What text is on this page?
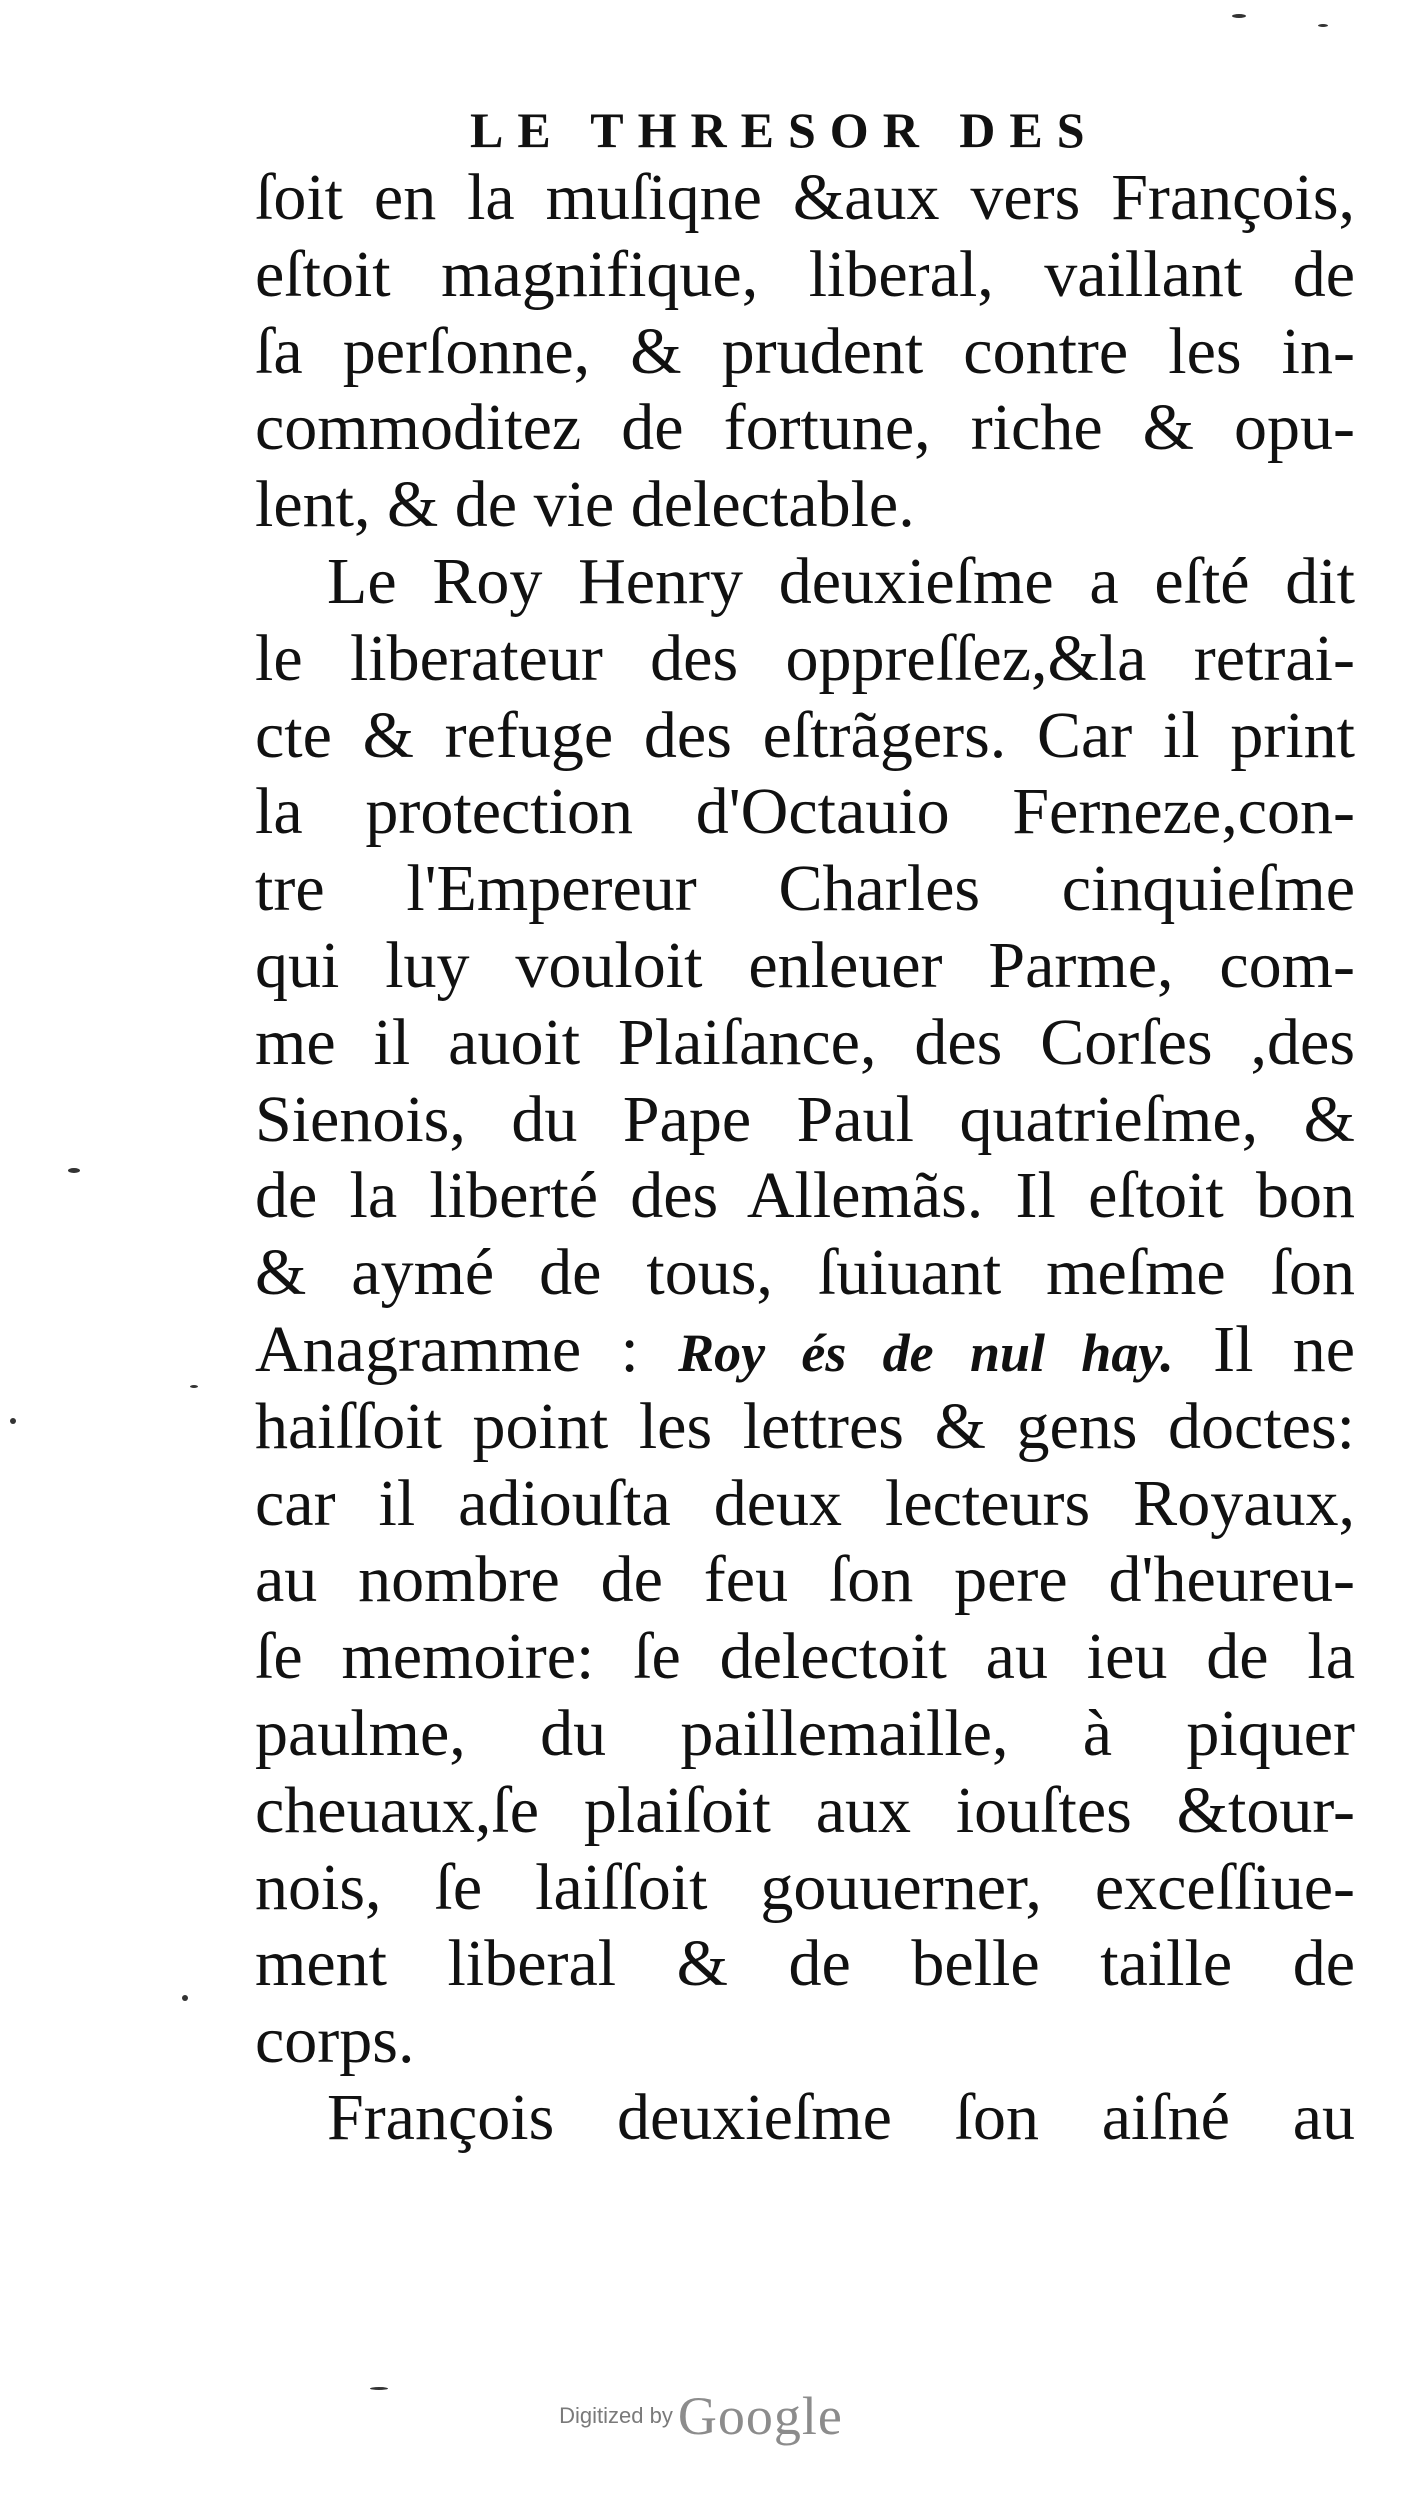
LE THRESOR DES
ſoit en la muſiqne &aux vers François,
eſtoit magnifique, liberal, vaillant de
ſa perſonne, & prudent contre les in-
commoditez de fortune, riche & opu-
lent, & de vie delectable.
Le Roy Henry deuxieſme a eſté dit
le liberateur des oppreſſez,&la retrai-
cte & refuge des eſtrãgers. Car il print
la protection d'Octauio Ferneze,con-
tre l'Empereur Charles cinquieſme
qui luy vouloit enleuer Parme, com-
me il auoit Plaiſance, des Corſes ,des
Sienois, du Pape Paul quatrieſme, &
de la liberté des Allemãs. Il eſtoit bon
& aymé de tous, ſuiuant meſme ſon
Anagramme : Roy és de nul hay. Il ne
haiſſoit point les lettres & gens doctes:
car il adiouſta deux lecteurs Royaux,
au nombre de feu ſon pere d'heureu-
ſe memoire: ſe delectoit au ieu de la
paulme, du paillemaille, à piquer
cheuaux,ſe plaiſoit aux iouſtes &tour-
nois, ſe laiſſoit gouuerner, exceſſiue-
ment liberal & de belle taille de
corps.
François deuxieſme ſon aiſné au
Digitized by Google
